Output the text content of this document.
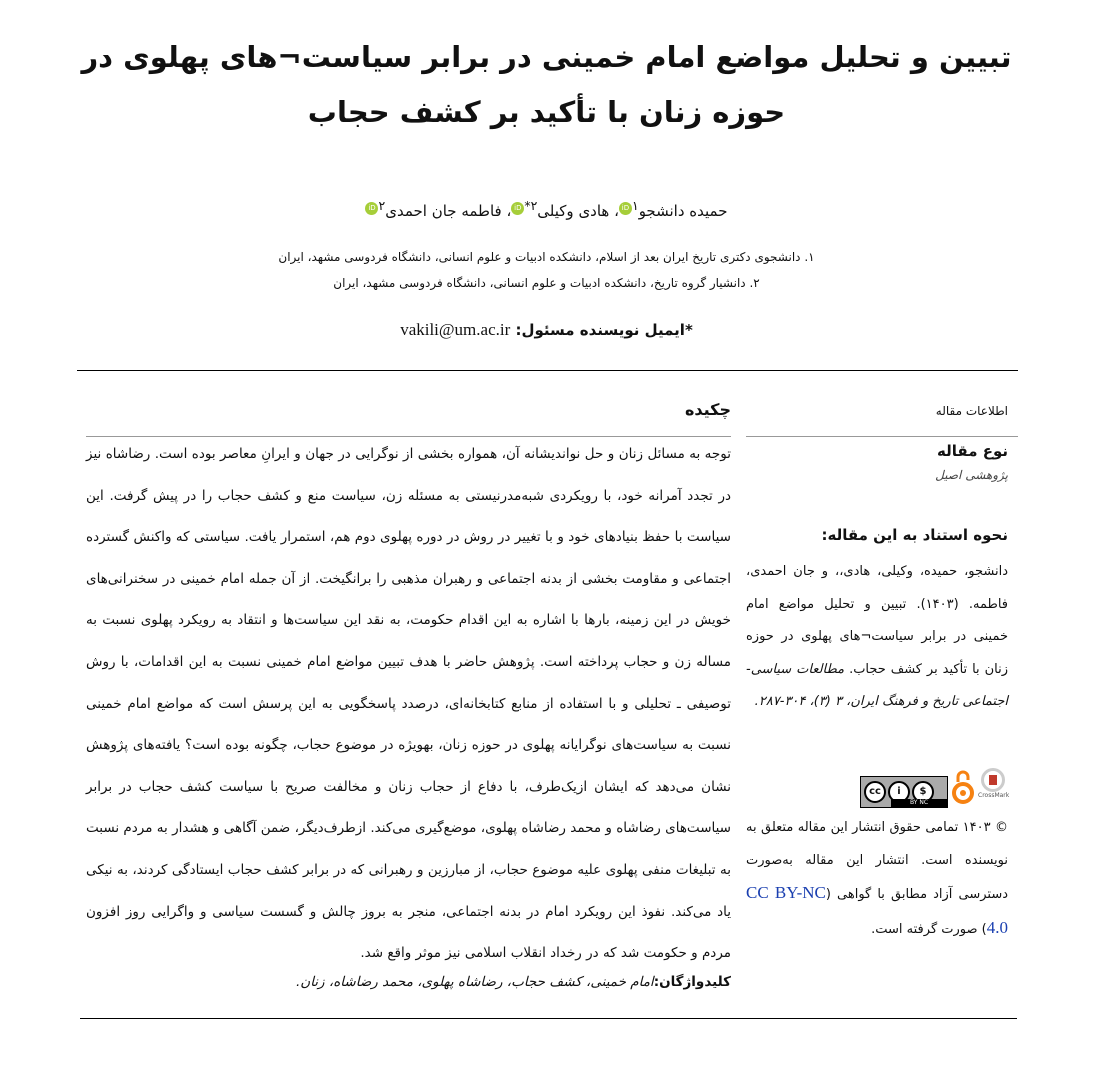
تبیین و تحلیل مواضع امام خمینی در برابر سیاست¬های پهلوی در حوزه زنان با تأکید بر کشف حجاب
حمیده دانشجو$^۱$iD، هادی وکیلی$^{۲*}$iD، فاطمه جان احمدی$^۲$iD
۱. دانشجوی دکتری تاریخ ایران بعد از اسلام، دانشکده ادبیات و علوم انسانی، دانشگاه فردوسی مشهد، ایران
۲. دانشیار گروه تاریخ، دانشکده ادبیات و علوم انسانی، دانشگاه فردوسی مشهد، ایران
*ایمیل نویسنده مسئول: vakili@um.ac.ir
اطلاعات مقاله
نوع مقاله
پژوهشی اصیل
نحوه استناد به این مقاله:
دانشجو، حمیده، وکیلی، هادی،، و جان احمدی، فاطمه. (۱۴۰۳). تبیین و تحلیل مواضع امام خمینی در برابر سیاست¬های پهلوی در حوزه زنان با تأکید بر کشف حجاب. مطالعات سیاسی-اجتماعی تاریخ و فرهنگ ایران، ۳ (۳)، ۳۰۴-۲۸۷.
cc	i	$
BY NC
CrossMark
© ۱۴۰۳ تمامی حقوق انتشار این مقاله متعلق به نویسنده است. انتشار این مقاله به‌صورت دسترسی آزاد مطابق با گواهی (CC BY-NC 4.0) صورت گرفته است.
چکیده
توجه به مسائل زنان و حل نواندیشانه آن، همواره بخشی از نوگرایی در جهان و ایرانِ معاصر بوده است. رضاشاه نیز در تجدد آمرانه خود، با رویکردی شبه‌مدرنیستی به مسئله زن، سیاست منع و کشف حجاب را در پیش گرفت. این سیاست با حفظ بنیادهای خود و با تغییر در روش در دوره پهلوی دوم هم، استمرار یافت. سیاستی که واکنش گسترده اجتماعی و مقاومت بخشی از بدنه اجتماعی و رهبران مذهبی را برانگیخت. از آن جمله امام خمینی در سخنرانی‌های خویش در این زمینه، بارها با اشاره به این اقدام حکومت، به نقد این سیاست‌ها و انتقاد به رویکرد پهلوی نسبت به مساله زن و حجاب پرداخته است. پژوهش حاضر با هدف تبیین مواضع امام خمینی نسبت به این اقدامات، با روش توصیفی ـ تحلیلی و با استفاده از منابع کتابخانه‌ای، درصدد پاسخگویی به این پرسش است که مواضع امام خمینی نسبت به سیاست‌های نوگرایانه پهلوی در حوزه زنان، بهویژه در موضوع حجاب، چگونه بوده است؟ یافته‌های پژوهش نشان می‌دهد که ایشان ازیک‌طرف، با دفاع از حجاب زنان و مخالفت صریح با سیاست کشف حجاب در برابر سیاست‌های رضاشاه و محمد رضاشاه پهلوی، موضع‌گیری می‌کند. ازطرف‌دیگر، ضمن آگاهی و هشدار به مردم نسبت به تبلیغات منفی پهلوی علیه موضوع حجاب، از مبارزین و رهبرانی که در برابر کشف حجاب ایستادگی کردند، به نیکی یاد می‌کند. نفوذ این رویکرد امام در بدنه اجتماعی، منجر به بروز چالش و گسست سیاسی و واگرایی روز افزون مردم و حکومت شد که در رخداد انقلاب اسلامی نیز موثر واقع شد.
کلیدواژگان:امام خمینی، کشف حجاب، رضاشاه پهلوی، محمد رضاشاه، زنان.
